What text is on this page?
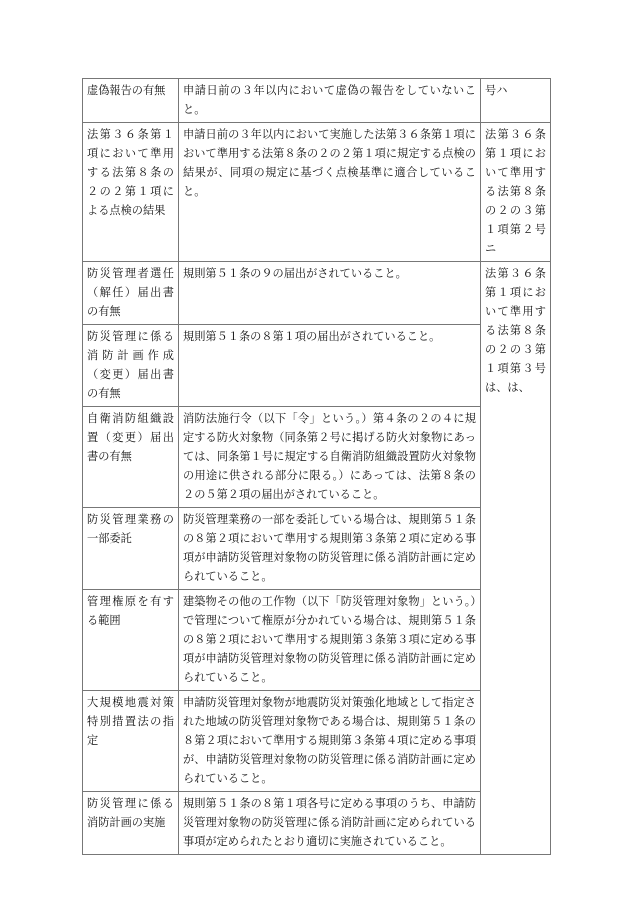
虚偽報告の有無	申請日前の３年以内において虚偽の報告をしていないこと。	号ハ
法第３６条第１項において準用する法第８条の２の２第１項による点検の結果	申請日前の３年以内において実施した法第３６条第１項において準用する法第８条の２の２第１項に規定する点検の結果が、同項の規定に基づく点検基準に適合していること。	法第３６条第１項において準用する法第８条の２の３第１項第２号ニ
防災管理者選任（解任）届出書の有無	規則第５１条の９の届出がされていること。	法第３６条第１項において準用する法第８条の２の３第１項第３号は、は、
防災管理に係る消防計画作成（変更）届出書の有無	規則第５１条の８第１項の届出がされていること。	
自衛消防組織設置（変更）届出書の有無	消防法施行令（以下「令」という。）第４条の２の４に規定する防火対象物（同条第２号に掲げる防火対象物にあっては、同条第１号に規定する自衛消防組織設置防火対象物の用途に供される部分に限る。）にあっては、法第８条の２の５第２項の届出がされていること。	
防災管理業務の一部委託	防災管理業務の一部を委託している場合は、規則第５１条の８第２項において準用する規則第３条第２項に定める事項が申請防災管理対象物の防災管理に係る消防計画に定められていること。	
管理権原を有する範囲	建築物その他の工作物（以下「防災管理対象物」という。）で管理について権原が分かれている場合は、規則第５１条の８第２項において準用する規則第３条第３項に定める事項が申請防災管理対象物の防災管理に係る消防計画に定められていること。	
大規模地震対策特別措置法の指定	申請防災管理対象物が地震防災対策強化地域として指定された地域の防災管理対象物である場合は、規則第５１条の８第２項において準用する規則第３条第４項に定める事項が、申請防災管理対象物の防災管理に係る消防計画に定められていること。	
防災管理に係る消防計画の実施	規則第５１条の８第１項各号に定める事項のうち、申請防災管理対象物の防災管理に係る消防計画に定められている事項が定められたとおり適切に実施されていること。	
